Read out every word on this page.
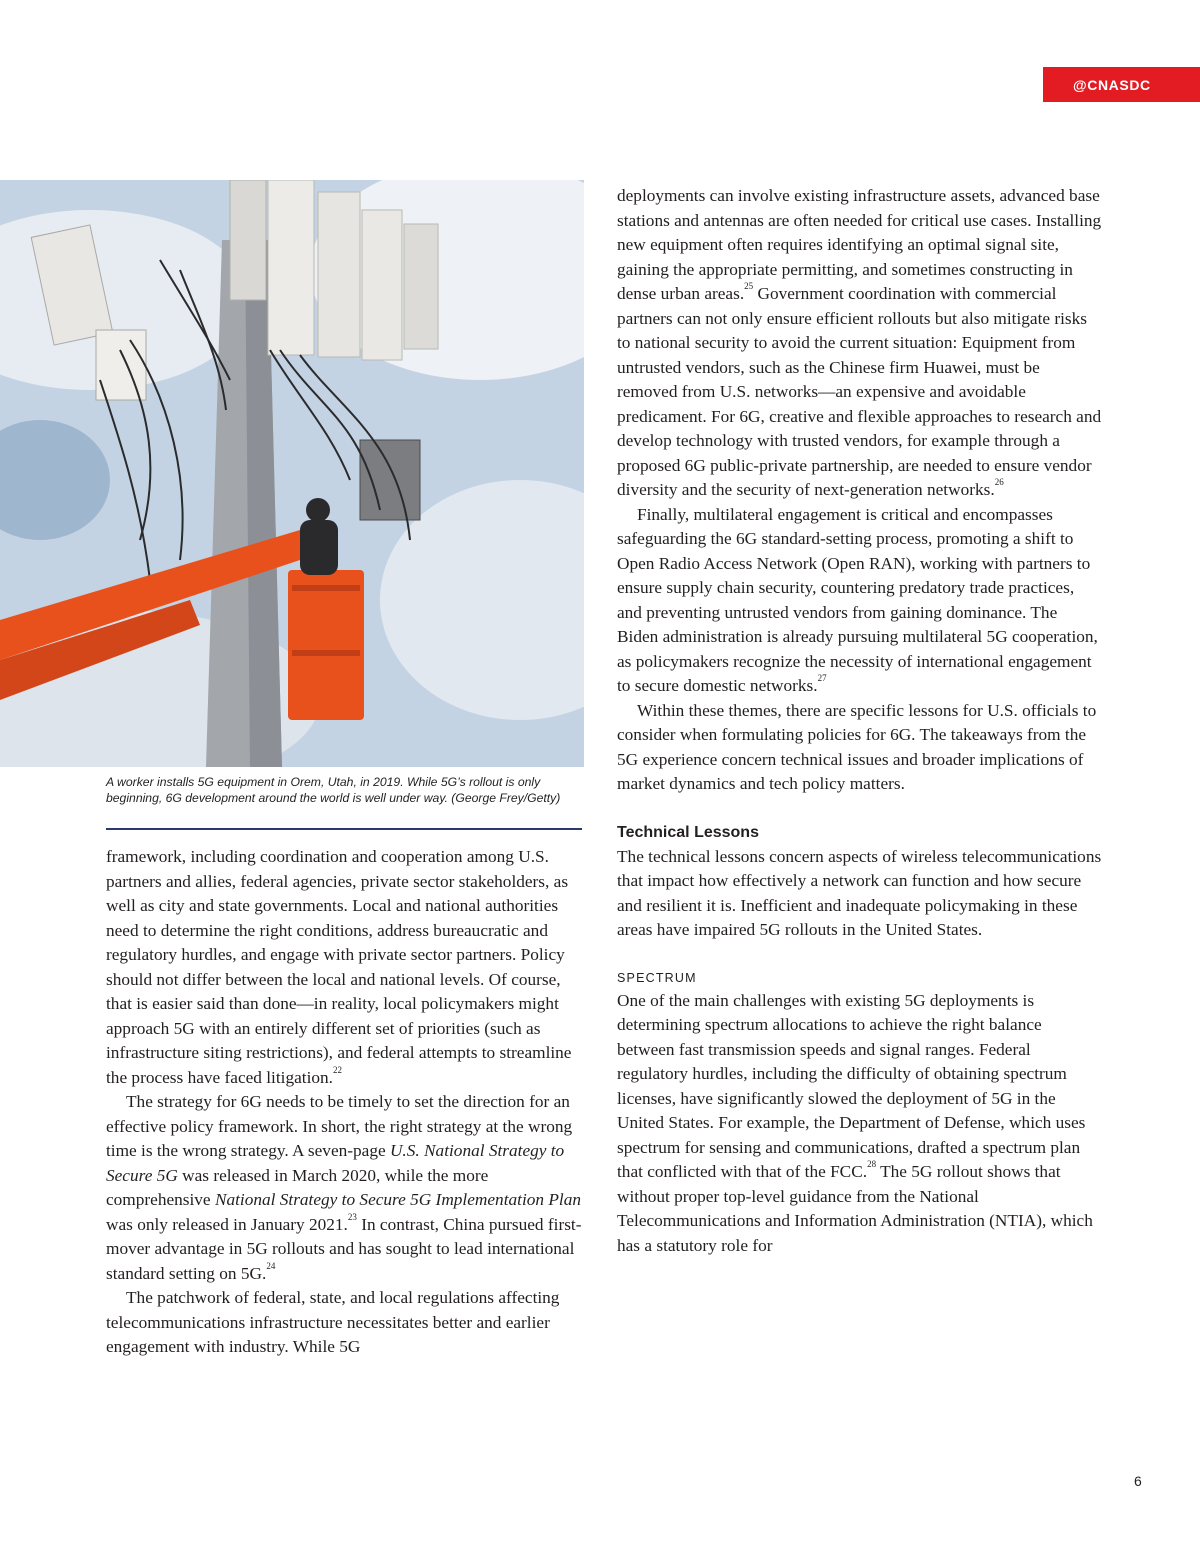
@CNASDC
A worker installs 5G equipment in Orem, Utah, in 2019. While 5G’s rollout is only beginning, 6G development around the world is well under way. (George Frey/Getty)

framework, including coordination and cooperation among U.S. partners and allies, federal agencies, private sector stakeholders, as well as city and state governments. Local and national authorities need to determine the right conditions, address bureaucratic and regulatory hurdles, and engage with private sector partners. Policy should not differ between the local and national levels. Of course, that is easier said than done—in reality, local policymakers might approach 5G with an entirely different set of priorities (such as infrastructure siting restrictions), and federal attempts to streamline the process have faced litigation.$^{22}$

The strategy for 6G needs to be timely to set the direction for an effective policy framework. In short, the right strategy at the wrong time is the wrong strategy. A seven-page U.S. National Strategy to Secure 5G was released in March 2020, while the more comprehensive National Strategy to Secure 5G Implementation Plan was only released in January 2021.23 In contrast, China pursued first-mover advantage in 5G rollouts and has sought to lead international standard setting on 5G.$^{24}$

The patchwork of federal, state, and local regulations affecting telecommunications infrastructure necessitates better and earlier engagement with industry. While 5G

deployments can involve existing infrastructure assets, advanced base stations and antennas are often needed for critical use cases. Installing new equipment often requires identifying an optimal signal site, gaining the appropriate permitting, and sometimes constructing in dense urban areas.$^{25}$ Government coordination with commercial partners can not only ensure efficient rollouts but also mitigate risks to national security to avoid the current situation: Equipment from untrusted vendors, such as the Chinese firm Huawei, must be removed from U.S. networks—an expensive and avoidable predicament. For 6G, creative and flexible approaches to research and develop technology with trusted vendors, for example through a proposed 6G public-private partnership, are needed to ensure vendor diversity and the security of next-generation networks.$^{26}$

Finally, multilateral engagement is critical and encompasses safeguarding the 6G standard-setting process, promoting a shift to Open Radio Access Network (Open RAN), working with partners to ensure supply chain security, countering predatory trade practices, and preventing untrusted vendors from gaining dominance. The Biden administration is already pursuing multilateral 5G cooperation, as policymakers recognize the necessity of international engagement to secure domestic networks.$^{27}$

Within these themes, there are specific lessons for U.S. officials to consider when formulating policies for 6G. The takeaways from the 5G experience concern technical issues and broader implications of market dynamics and tech policy matters.

Technical Lessons

The technical lessons concern aspects of wireless telecommunications that impact how effectively a network can function and how secure and resilient it is. Inefficient and inadequate policymaking in these areas have impaired 5G rollouts in the United States.

SPECTRUM

One of the main challenges with existing 5G deployments is determining spectrum allocations to achieve the right balance between fast transmission speeds and signal ranges. Federal regulatory hurdles, including the difficulty of obtaining spectrum licenses, have significantly slowed the deployment of 5G in the United States. For example, the Department of Defense, which uses spectrum for sensing and communications, drafted a spectrum plan that conflicted with that of the FCC.$^{28}$ The 5G rollout shows that without proper top-level guidance from the National Telecommunications and Information Administration (NTIA), which has a statutory role for

6
